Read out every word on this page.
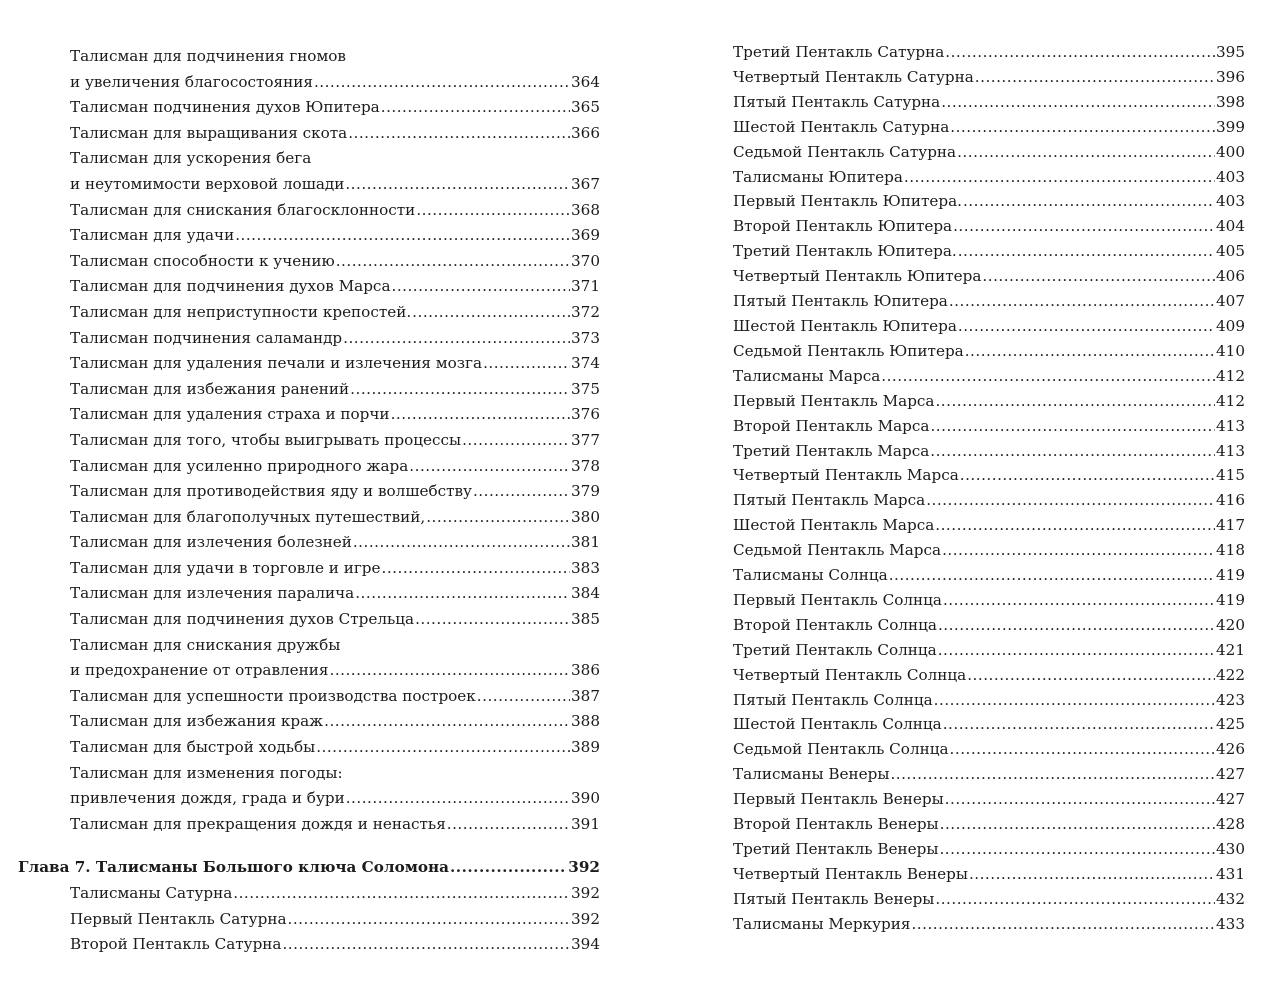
Талисман для подчинения гномов
и увеличения благосостояния .....	364
Талисман подчинения духов Юпитера .....	365
Талисман для выращивания скота .....	366
Талисман для ускорения бега
и неутомимости верховой лошади .....	367
Талисман для снискания благосклонности .....	368
Талисман для удачи .....	369
Талисман способности к учению .....	370
Талисман для подчинения духов Марса .....	371
Талисман для неприступности крепостей. .....	372
Талисман подчинения саламандр .....	373
Талисман для удаления печали и излечения мозга .....	374
Талисман для избежания ранений .....	375
Талисман для удаления страха и порчи .....	376
Талисман для того, чтобы выигрывать процессы .....	377
Талисман для усиленно природного жара .....	378
Талисман для противодействия яду и волшебству .....	379
Талисман для благополучных путешествий, .....	380
Талисман для излечения болезней .....	381
Талисман для удачи в торговле и игре .....	383
Талисман для излечения паралича .....	384
Талисман для подчинения духов Стрельца .....	385
Талисман для снискания дружбы
и предохранение от отравления .....	386
Талисман для успешности производства построек .....	387
Талисман для избежания краж .....	388
Талисман для быстрой ходьбы .....	389
Талисман для изменения погоды:
привлечения дождя, града и бури .....	390
Талисман для прекращения дождя и ненастья .....	391
Глава 7. Талисманы Большого ключа Соломона .....	392
Талисманы Сатурна .....	392
Первый Пентакль Сатурна .....	392
Второй Пентакль Сатурна .....	394
Третий Пентакль Сатурна .....	395
Четвертый Пентакль Сатурна .....	396
Пятый Пентакль Сатурна .....	398
Шестой Пентакль Сатурна .....	399
Седьмой Пентакль Сатурна .....	400
Талисманы Юпитера .....	403
Первый Пентакль Юпитера. .....	403
Второй Пентакль Юпитера .....	404
Третий Пентакль Юпитера. .....	405
Четвертый Пентакль Юпитера .....	406
Пятый Пентакль Юпитера .....	407
Шестой Пентакль Юпитера .....	409
Седьмой Пентакль Юпитера .....	410
Талисманы Марса .....	412
Первый Пентакль Марса .....	412
Второй Пентакль Марса .....	413
Третий Пентакль Марса .....	413
Четвертый Пентакль Марса .....	415
Пятый Пентакль Марса .....	416
Шестой Пентакль Марса .....	417
Седьмой Пентакль Марса .....	418
Талисманы Солнца .....	419
Первый Пентакль Солнца .....	419
Второй Пентакль Солнца .....	420
Третий Пентакль Солнца .....	421
Четвертый Пентакль Солнца .....	422
Пятый Пентакль Солнца .....	423
Шестой Пентакль Солнца .....	425
Седьмой Пентакль Солнца .....	426
Талисманы Венеры .....	427
Первый Пентакль Венеры .....	427
Второй Пентакль Венеры .....	428
Третий Пентакль Венеры .....	430
Четвертый Пентакль Венеры .....	431
Пятый Пентакль Венеры .....	432
Талисманы Меркурия .....	433
